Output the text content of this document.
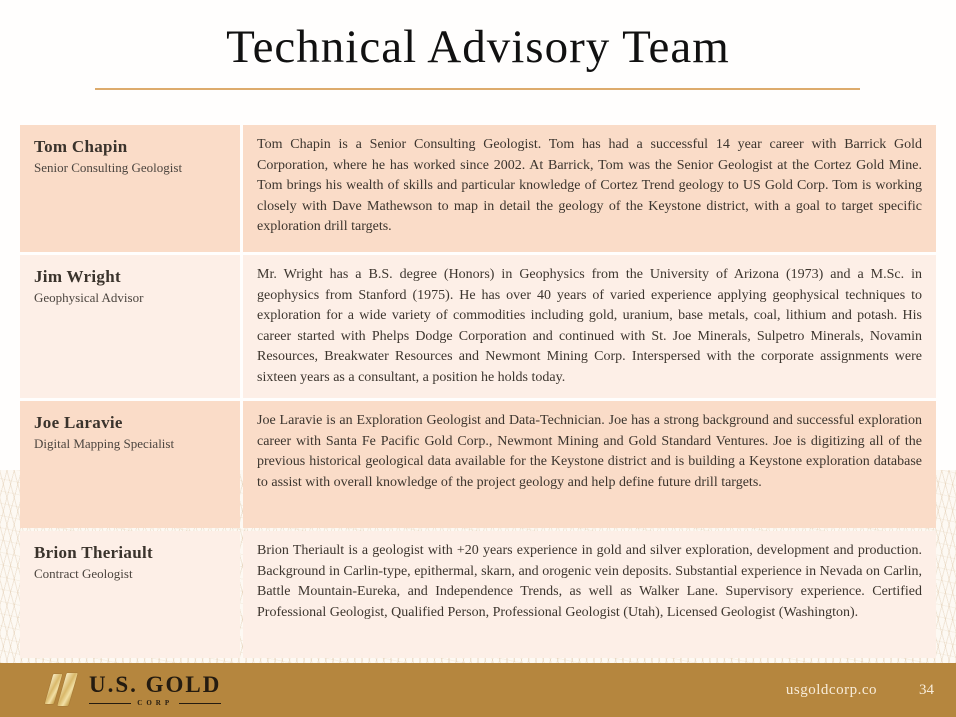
Technical Advisory Team
Tom Chapin
Senior Consulting Geologist
Tom Chapin is a Senior Consulting Geologist. Tom has had a successful 14 year career with Barrick Gold Corporation, where he has worked since 2002. At Barrick, Tom was the Senior Geologist at the Cortez Gold Mine. Tom brings his wealth of skills and particular knowledge of Cortez Trend geology to US Gold Corp. Tom is working closely with Dave Mathewson to map in detail the geology of the Keystone district, with a goal to target specific exploration drill targets.
Jim Wright
Geophysical Advisor
Mr. Wright has a B.S. degree (Honors) in Geophysics from the University of Arizona (1973) and a M.Sc. in geophysics from Stanford (1975). He has over 40 years of varied experience applying geophysical techniques to exploration for a wide variety of commodities including gold, uranium, base metals, coal, lithium and potash. His career started with Phelps Dodge Corporation and continued with St. Joe Minerals, Sulpetro Minerals, Novamin Resources, Breakwater Resources and Newmont Mining Corp. Interspersed with the corporate assignments were sixteen years as a consultant, a position he holds today.
Joe Laravie
Digital Mapping Specialist
Joe Laravie is an Exploration Geologist and Data-Technician. Joe has a strong background and successful exploration career with Santa Fe Pacific Gold Corp., Newmont Mining and Gold Standard Ventures. Joe is digitizing all of the previous historical geological data available for the Keystone district and is building a Keystone exploration database to assist with overall knowledge of the project geology and help define future drill targets.
Brion Theriault
Contract Geologist
Brion Theriault is a geologist with +20 years experience in gold and silver exploration, development and production. Background in Carlin-type, epithermal, skarn, and orogenic vein deposits. Substantial experience in Nevada on Carlin, Battle Mountain-Eureka, and Independence Trends, as well as Walker Lane. Supervisory experience. Certified Professional Geologist, Qualified Person, Professional Geologist (Utah), Licensed Geologist (Washington).
U.S. GOLD
CORP
usgoldcorp.co	34
